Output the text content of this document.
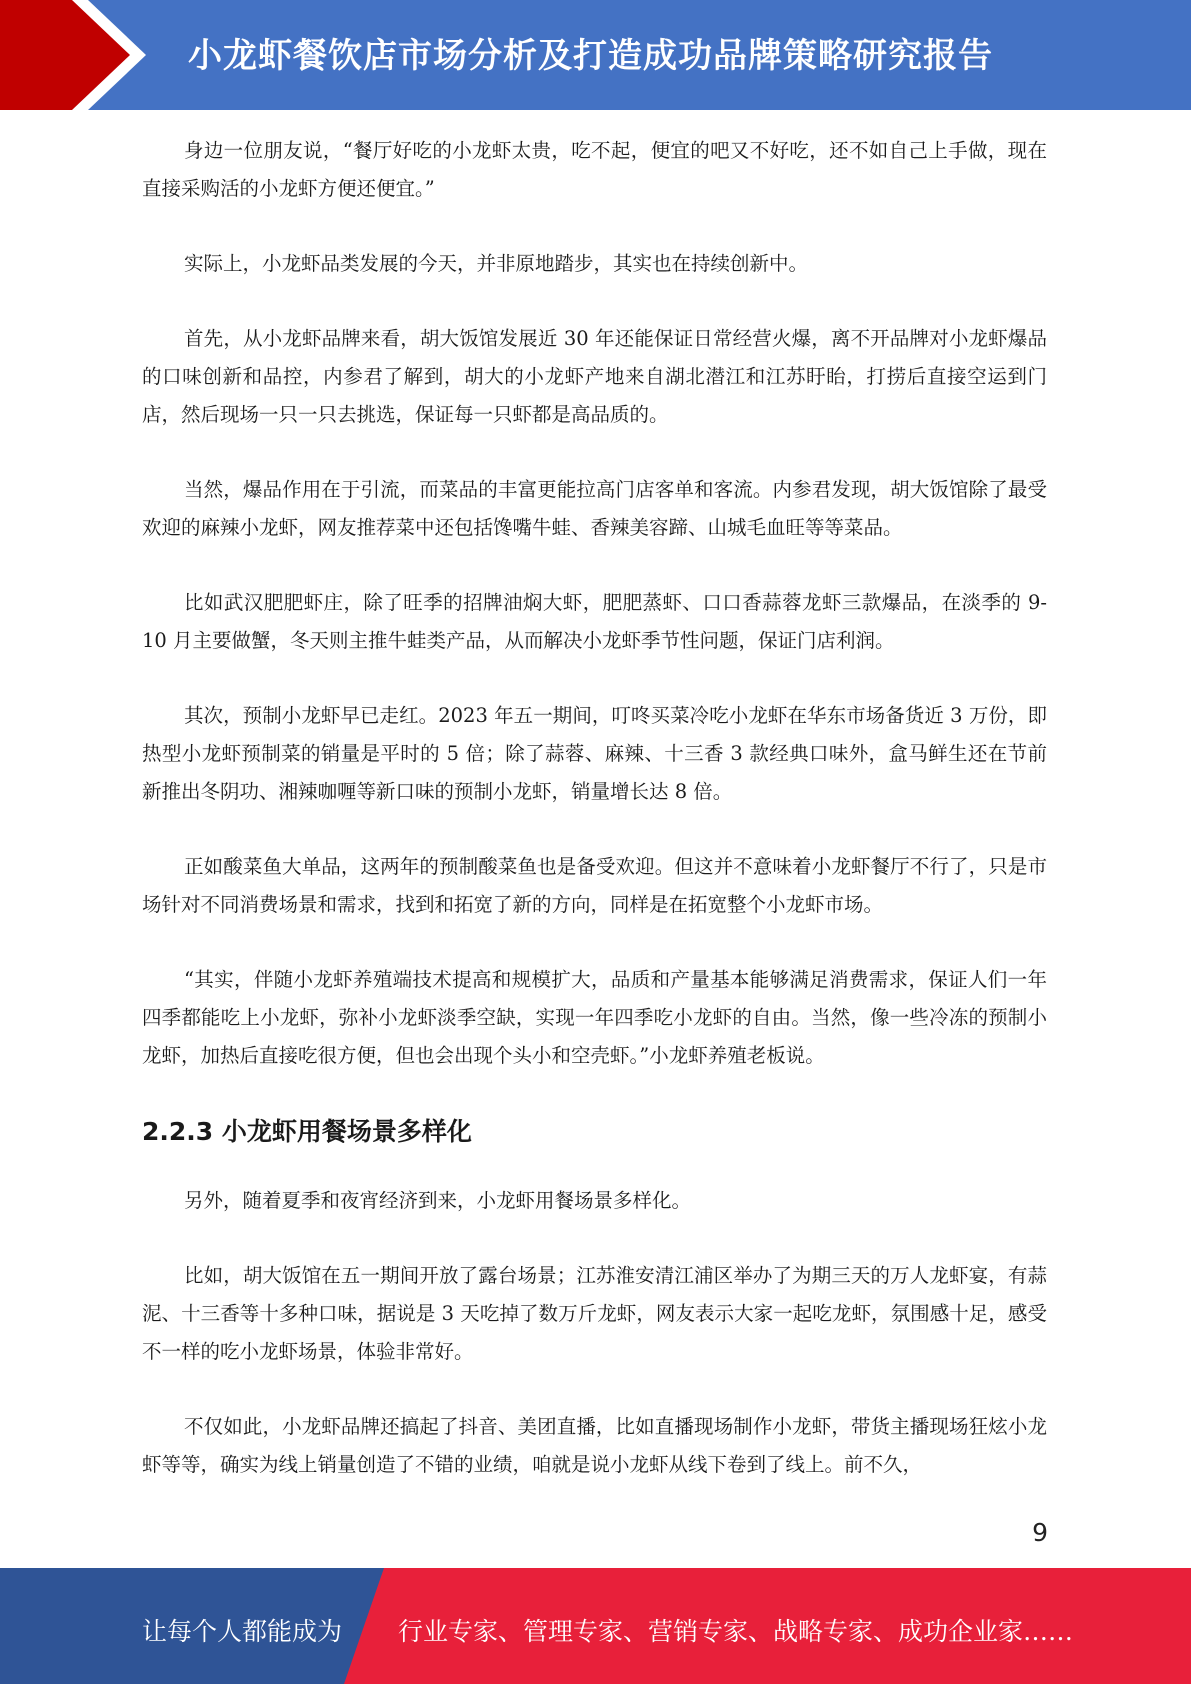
小龙虾餐饮店市场分析及打造成功品牌策略研究报告

身边一位朋友说，“餐厅好吃的小龙虾太贵，吃不起，便宜的吧又不好吃，还不如自己上手做，现在直接采购活的小龙虾方便还便宜。”

实际上，小龙虾品类发展的今天，并非原地踏步，其实也在持续创新中。

首先，从小龙虾品牌来看，胡大饭馆发展近 30 年还能保证日常经营火爆，离不开品牌对小龙虾爆品的口味创新和品控，内参君了解到，胡大的小龙虾产地来自湖北潜江和江苏盱眙，打捞后直接空运到门店，然后现场一只一只去挑选，保证每一只虾都是高品质的。

当然，爆品作用在于引流，而菜品的丰富更能拉高门店客单和客流。内参君发现，胡大饭馆除了最受欢迎的麻辣小龙虾，网友推荐菜中还包括馋嘴牛蛙、香辣美容蹄、山城毛血旺等等菜品。

比如武汉肥肥虾庄，除了旺季的招牌油焖大虾，肥肥蒸虾、口口香蒜蓉龙虾三款爆品，在淡季的 9-10 月主要做蟹，冬天则主推牛蛙类产品，从而解决小龙虾季节性问题，保证门店利润。

其次，预制小龙虾早已走红。2023 年五一期间，叮咚买菜冷吃小龙虾在华东市场备货近 3 万份，即热型小龙虾预制菜的销量是平时的 5 倍；除了蒜蓉、麻辣、十三香 3 款经典口味外，盒马鲜生还在节前新推出冬阴功、湘辣咖喱等新口味的预制小龙虾，销量增长达 8 倍。

正如酸菜鱼大单品，这两年的预制酸菜鱼也是备受欢迎。但这并不意味着小龙虾餐厅不行了，只是市场针对不同消费场景和需求，找到和拓宽了新的方向，同样是在拓宽整个小龙虾市场。

“其实，伴随小龙虾养殖端技术提高和规模扩大，品质和产量基本能够满足消费需求，保证人们一年四季都能吃上小龙虾，弥补小龙虾淡季空缺，实现一年四季吃小龙虾的自由。当然，像一些冷冻的预制小龙虾，加热后直接吃很方便，但也会出现个头小和空壳虾。”小龙虾养殖老板说。

2.2.3 小龙虾用餐场景多样化

另外，随着夏季和夜宵经济到来，小龙虾用餐场景多样化。

比如，胡大饭馆在五一期间开放了露台场景；江苏淮安清江浦区举办了为期三天的万人龙虾宴，有蒜泥、十三香等十多种口味，据说是 3 天吃掉了数万斤龙虾，网友表示大家一起吃龙虾，氛围感十足，感受不一样的吃小龙虾场景，体验非常好。

不仅如此，小龙虾品牌还搞起了抖音、美团直播，比如直播现场制作小龙虾，带货主播现场狂炫小龙虾等等，确实为线上销量创造了不错的业绩，咱就是说小龙虾从线下卷到了线上。前不久，

9
让每个人都能成为 行业专家、管理专家、营销专家、战略专家、成功企业家……
